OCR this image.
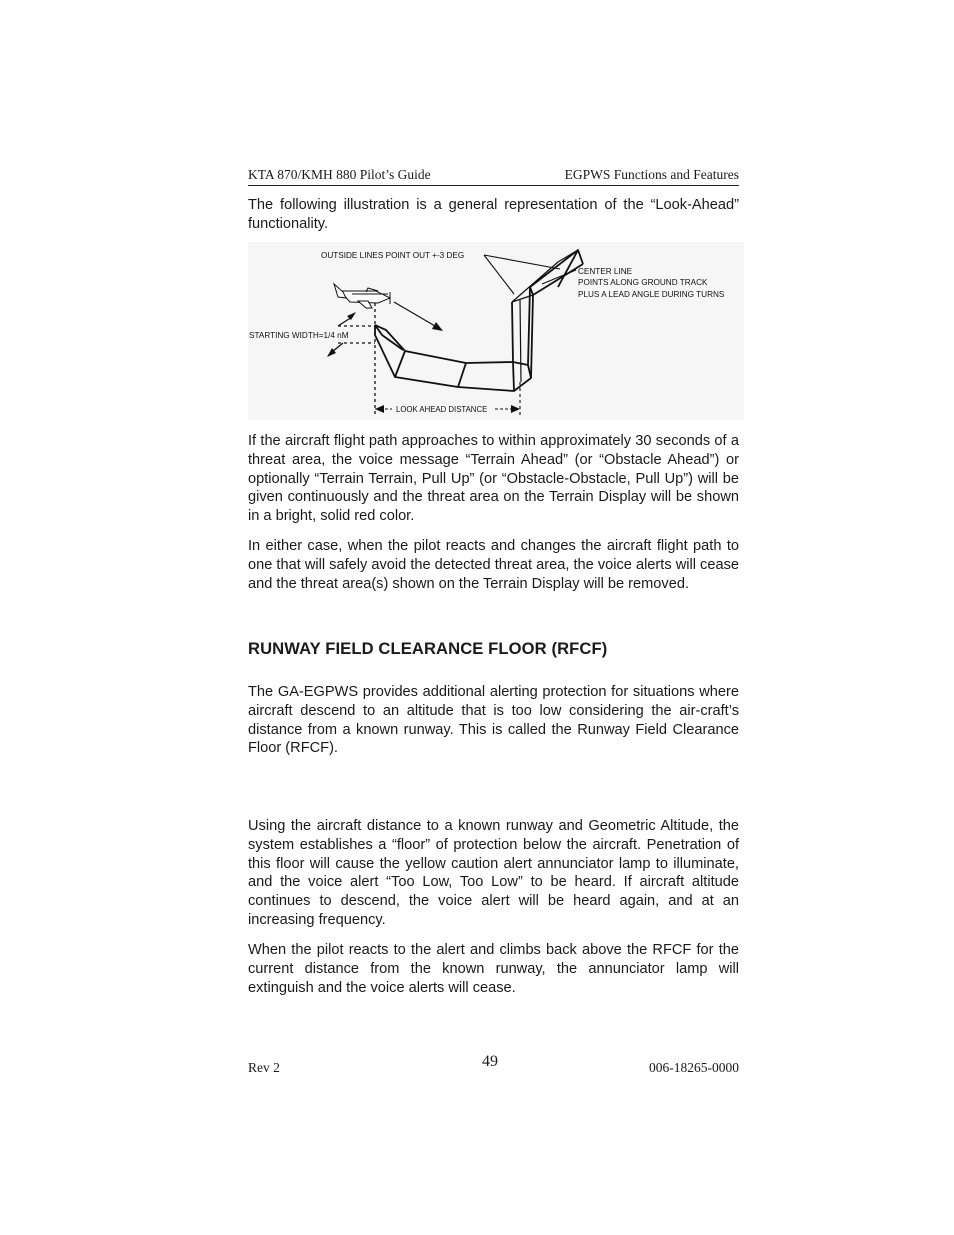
KTA 870/KMH 880 Pilot’s Guide	EGPWS Functions and Features

The following illustration is a general representation of the “Look-Ahead” functionality.

OUTSIDE LINES POINT OUT +-3 DEG
CENTER LINE
POINTS ALONG GROUND TRACK
PLUS A LEAD ANGLE DURING TURNS
STARTING WIDTH=1/4 nM
LOOK AHEAD DISTANCE

If the aircraft flight path approaches to within approximately 30 seconds of a threat area, the voice message “Terrain Ahead” (or “Obstacle Ahead”) or optionally “Terrain Terrain, Pull Up” (or “Obstacle-Obstacle, Pull Up”) will be given continuously and the threat area on the Terrain Display will be shown in a bright, solid red color.

In either case, when the pilot reacts and changes the aircraft flight path to one that will safely avoid the detected threat area, the voice alerts will cease and the threat area(s) shown on the Terrain Display will be removed.

RUNWAY FIELD CLEARANCE FLOOR (RFCF)

The GA-EGPWS provides additional alerting protection for situations where aircraft descend to an altitude that is too low considering the air-craft’s distance from a known runway. This is called the Runway Field Clearance Floor (RFCF).

Using the aircraft distance to a known runway and Geometric Altitude, the system establishes a “floor” of protection below the aircraft. Penetration of this floor will cause the yellow caution alert annunciator lamp to illuminate, and the voice alert “Too Low, Too Low” to be heard. If aircraft altitude continues to descend, the voice alert will be heard again, and at an increasing frequency.

When the pilot reacts to the alert and climbs back above the RFCF for the current distance from the known runway, the annunciator lamp will extinguish and the voice alerts will cease.

Rev 2	49	006-18265-0000
